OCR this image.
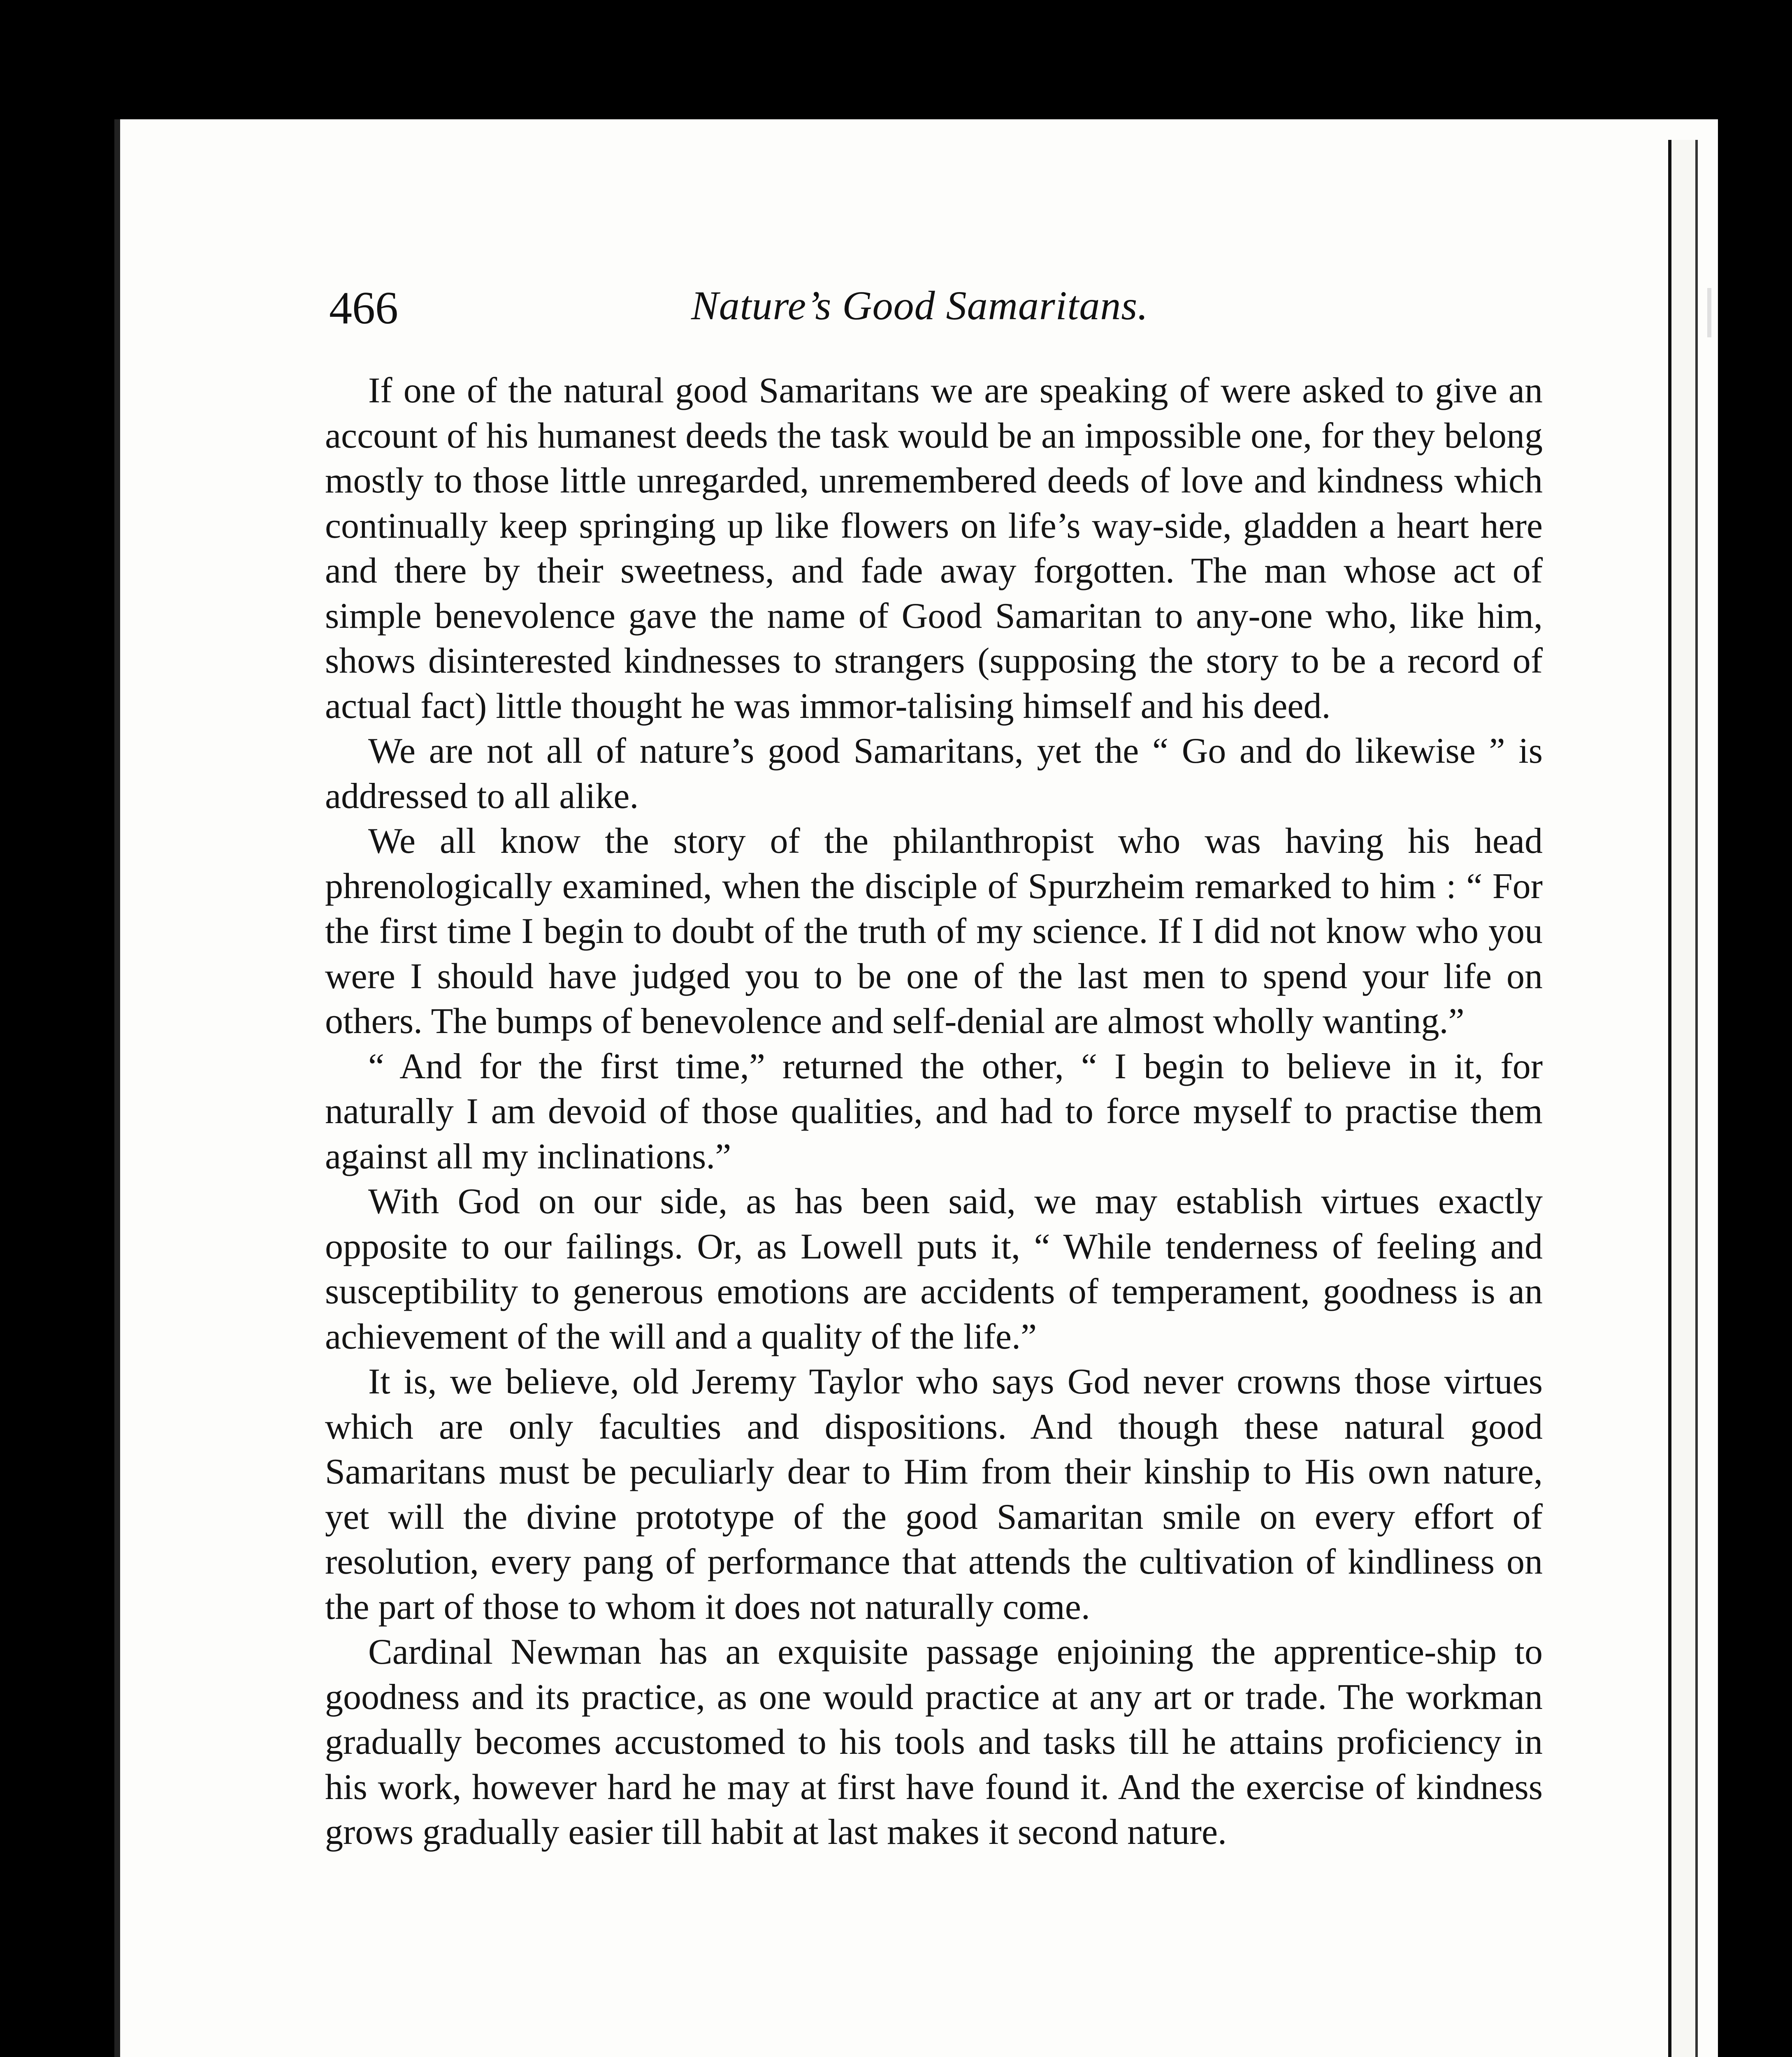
466	Nature’s Good Samaritans.

If one of the natural good Samaritans we are speaking of were asked to give an account of his humanest deeds the task would be an impossible one, for they belong mostly to those little unregarded, unremembered deeds of love and kindness which continually keep springing up like flowers on life’s way-side, gladden a heart here and there by their sweetness, and fade away forgotten. The man whose act of simple benevolence gave the name of Good Samaritan to any-one who, like him, shows disinterested kindnesses to strangers (supposing the story to be a record of actual fact) little thought he was immor-talising himself and his deed.

We are not all of nature’s good Samaritans, yet the “ Go and do likewise ” is addressed to all alike.

We all know the story of the philanthropist who was having his head phrenologically examined, when the disciple of Spurzheim remarked to him : “ For the first time I begin to doubt of the truth of my science. If I did not know who you were I should have judged you to be one of the last men to spend your life on others. The bumps of benevolence and self-denial are almost wholly wanting.”

“ And for the first time,” returned the other, “ I begin to believe in it, for naturally I am devoid of those qualities, and had to force myself to practise them against all my inclinations.”

With God on our side, as has been said, we may establish virtues exactly opposite to our failings. Or, as Lowell puts it, “ While tenderness of feeling and susceptibility to generous emotions are accidents of temperament, goodness is an achievement of the will and a quality of the life.”

It is, we believe, old Jeremy Taylor who says God never crowns those virtues which are only faculties and dispositions. And though these natural good Samaritans must be peculiarly dear to Him from their kinship to His own nature, yet will the divine prototype of the good Samaritan smile on every effort of resolution, every pang of performance that attends the cultivation of kindliness on the part of those to whom it does not naturally come.

Cardinal Newman has an exquisite passage enjoining the apprentice-ship to goodness and its practice, as one would practice at any art or trade. The workman gradually becomes accustomed to his tools and tasks till he attains proficiency in his work, however hard he may at first have found it. And the exercise of kindness grows gradually easier till habit at last makes it second nature.
